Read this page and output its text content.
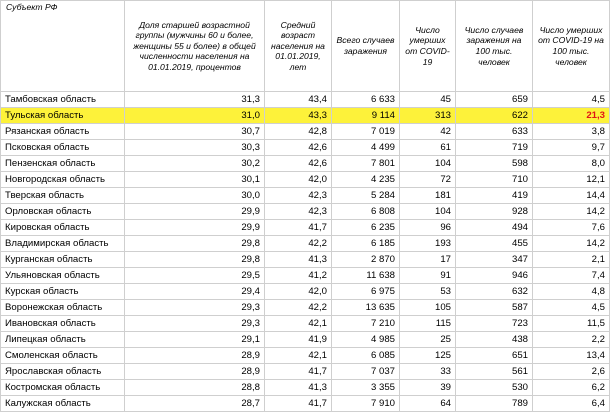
Субъект РФ	Доля старшей возрастной группы (мужчины 60 и более, женщины 55 и более) в общей численности населения на 01.01.2019, процентов	Средний возраст населения на 01.01.2019, лет	Всего случаев заражения	Число умерших от COVID-19	Число случаев заражения на 100 тыс. человек	Число умерших от COVID-19 на 100 тыс. человек
Тамбовская область	31,3	43,4	6 633	45	659	4,5
Тульская область	31,0	43,3	9 114	313	622	21,3
Рязанская область	30,7	42,8	7 019	42	633	3,8
Псковская область	30,3	42,6	4 499	61	719	9,7
Пензенская область	30,2	42,6	7 801	104	598	8,0
Новгородская область	30,1	42,0	4 235	72	710	12,1
Тверская область	30,0	42,3	5 284	181	419	14,4
Орловская область	29,9	42,3	6 808	104	928	14,2
Кировская область	29,9	41,7	6 235	96	494	7,6
Владимирская область	29,8	42,2	6 185	193	455	14,2
Курганская область	29,8	41,3	2 870	17	347	2,1
Ульяновская область	29,5	41,2	11 638	91	946	7,4
Курская область	29,4	42,0	6 975	53	632	4,8
Воронежская область	29,3	42,2	13 635	105	587	4,5
Ивановская область	29,3	42,1	7 210	115	723	11,5
Липецкая область	29,1	41,9	4 985	25	438	2,2
Смоленская область	28,9	42,1	6 085	125	651	13,4
Ярославская область	28,9	41,7	7 037	33	561	2,6
Костромская область	28,8	41,3	3 355	39	530	6,2
Калужская область	28,7	41,7	7 910	64	789	6,4
